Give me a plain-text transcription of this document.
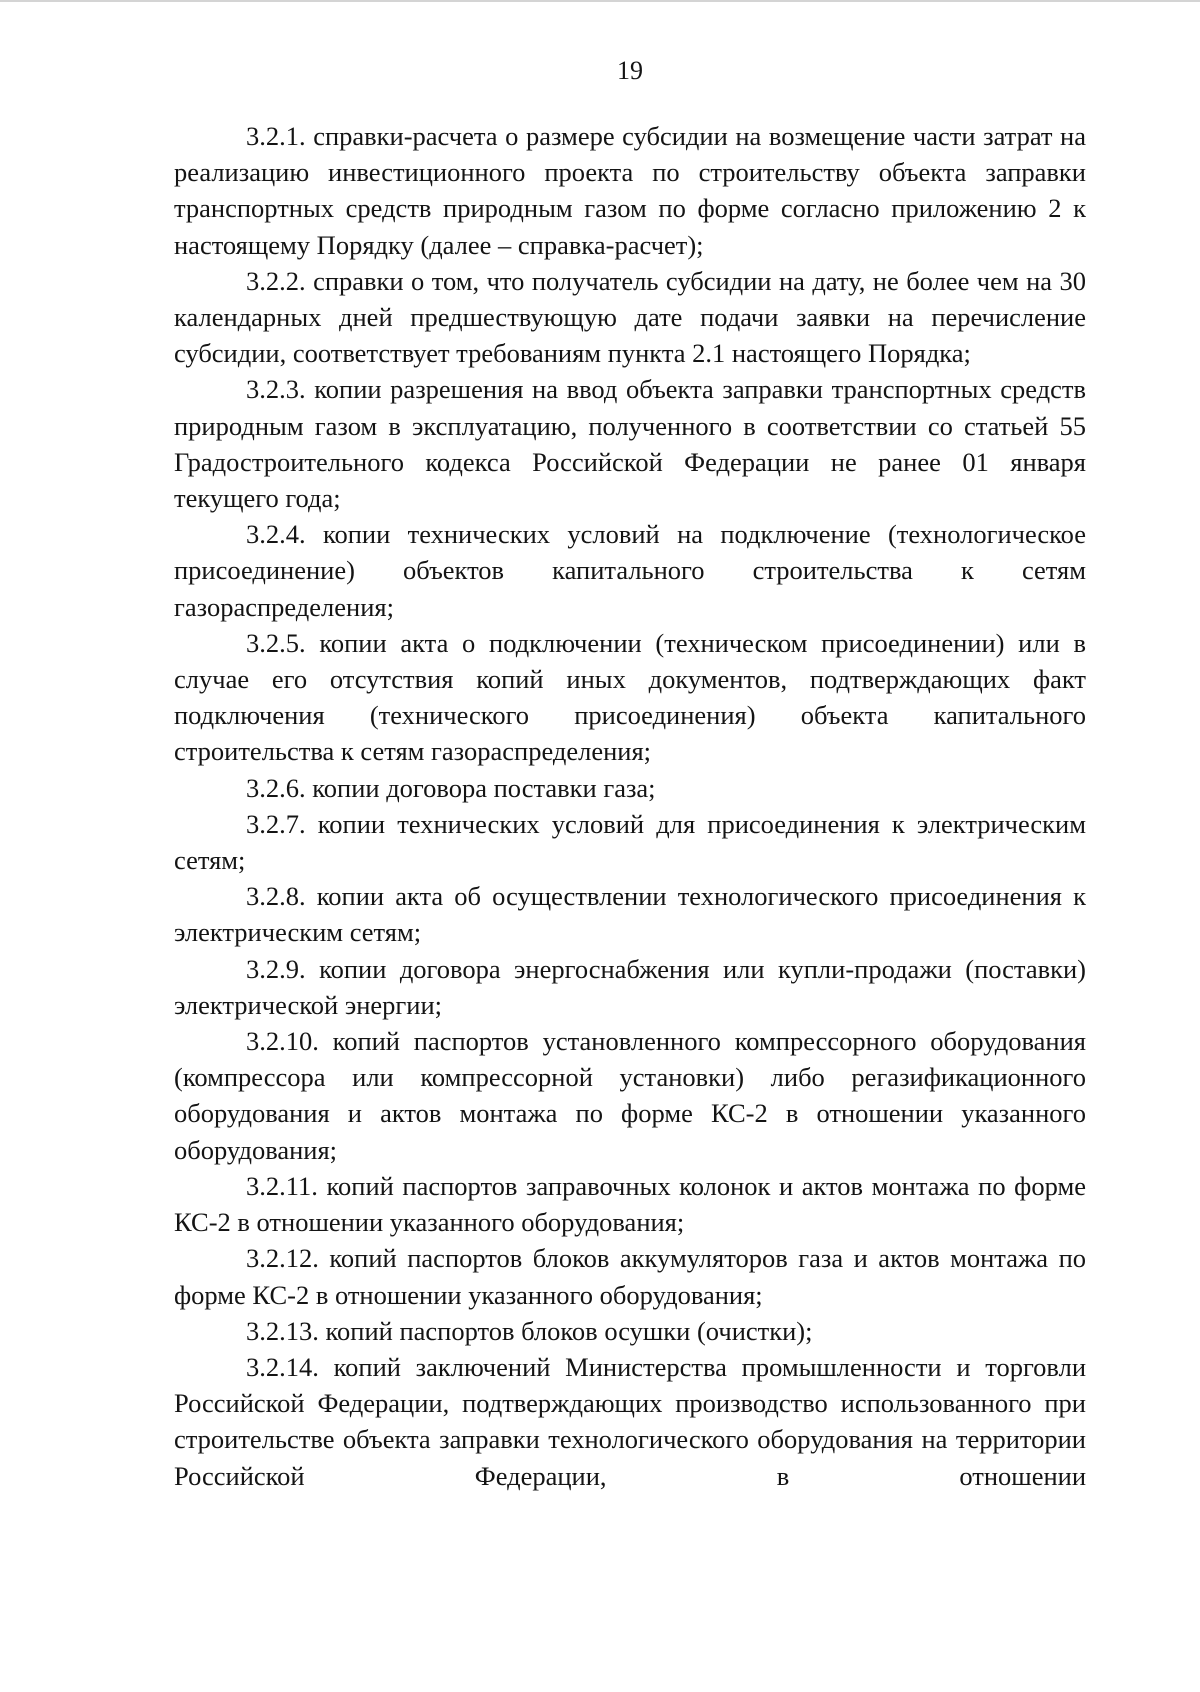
19

3.2.1. справки-расчета о размере субсидии на возмещение части затрат на реализацию инвестиционного проекта по строительству объекта заправки транспортных средств природным газом по форме согласно приложению 2 к настоящему Порядку (далее – справка-расчет);

3.2.2. справки о том, что получатель субсидии на дату, не более чем на 30 календарных дней предшествующую дате подачи заявки на перечисление субсидии, соответствует требованиям пункта 2.1 настоящего Порядка;

3.2.3. копии разрешения на ввод объекта заправки транспортных средств природным газом в эксплуатацию, полученного в соответствии со статьей 55 Градостроительного кодекса Российской Федерации не ранее 01 января текущего года;

3.2.4. копии технических условий на подключение (технологическое присоединение) объектов капитального строительства к сетям газораспределения;

3.2.5. копии акта о подключении (техническом присоединении) или в случае его отсутствия копий иных документов, подтверждающих факт подключения (технического присоединения) объекта капитального строительства к сетям газораспределения;

3.2.6. копии договора поставки газа;

3.2.7. копии технических условий для присоединения к электрическим сетям;

3.2.8. копии акта об осуществлении технологического присоединения к электрическим сетям;

3.2.9. копии договора энергоснабжения или купли-продажи (поставки) электрической энергии;

3.2.10. копий паспортов установленного компрессорного оборудования (компрессора или компрессорной установки) либо регазификационного оборудования и актов монтажа по форме КС-2 в отношении указанного оборудования;

3.2.11. копий паспортов заправочных колонок и актов монтажа по форме КС-2 в отношении указанного оборудования;

3.2.12. копий паспортов блоков аккумуляторов газа и актов монтажа по форме КС-2 в отношении указанного оборудования;

3.2.13. копий паспортов блоков осушки (очистки);

3.2.14. копий заключений Министерства промышленности и торговли Российской Федерации, подтверждающих производство использованного при строительстве объекта заправки технологического оборудования на территории Российской Федерации, в отношении
